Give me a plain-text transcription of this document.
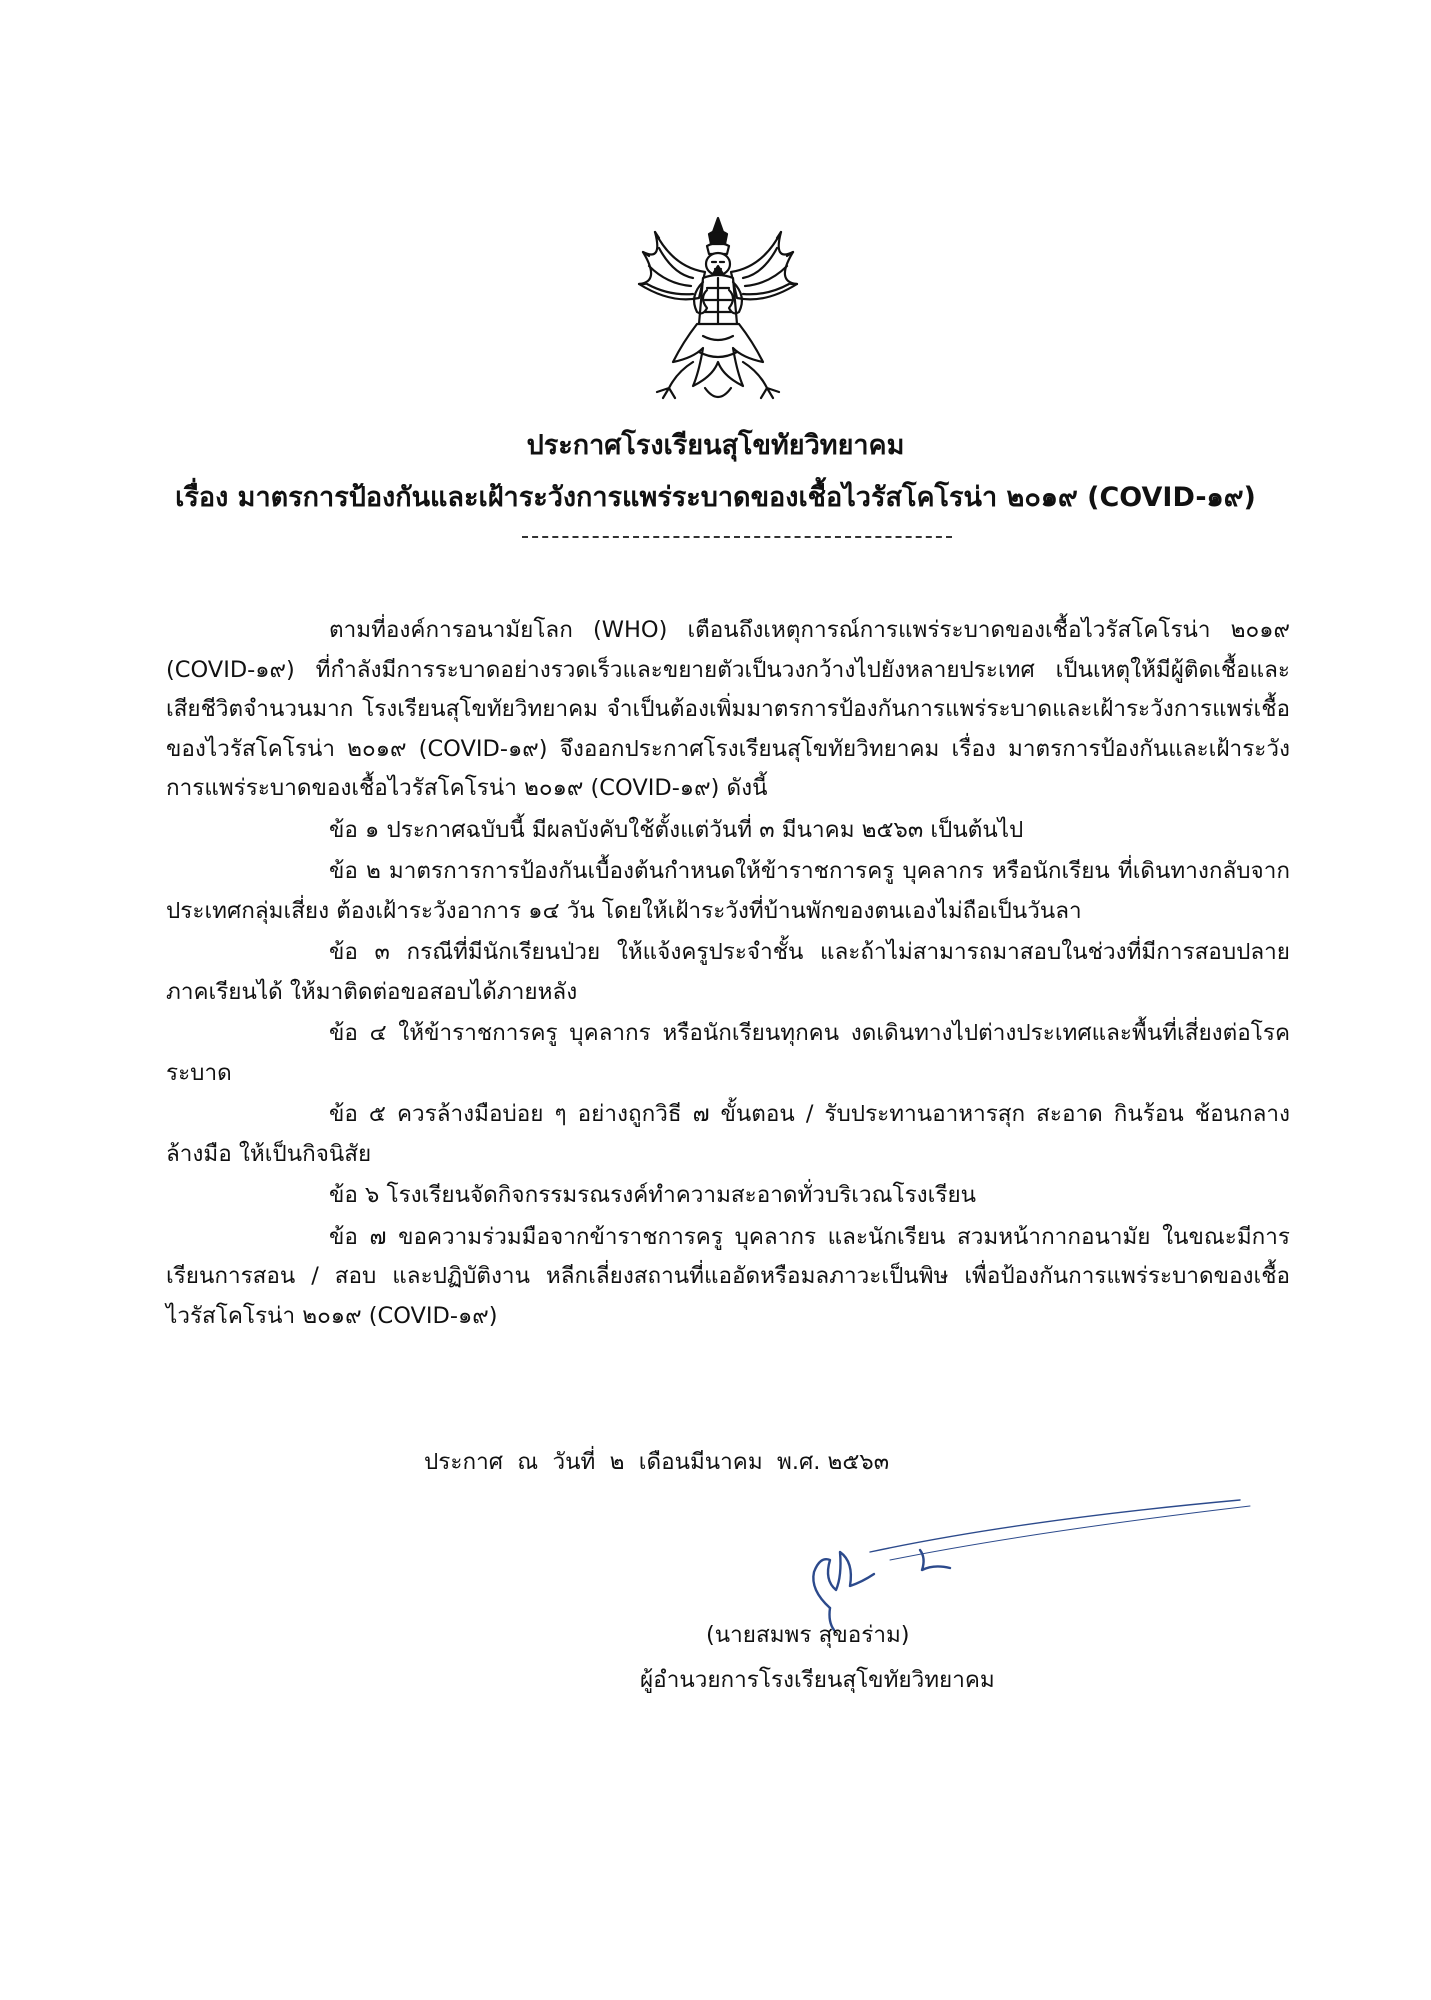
ประกาศโรงเรียนสุโขทัยวิทยาคม
เรื่อง มาตรการป้องกันและเฝ้าระวังการแพร่ระบาดของเชื้อไวรัสโคโรน่า ๒๐๑๙ (COVID-๑๙)

ตามที่องค์การอนามัยโลก (WHO) เตือนถึงเหตุการณ์การแพร่ระบาดของเชื้อไวรัสโคโรน่า ๒๐๑๙ (COVID-๑๙) ที่กำลังมีการระบาดอย่างรวดเร็วและขยายตัวเป็นวงกว้างไปยังหลายประเทศ เป็นเหตุให้มีผู้ติดเชื้อและเสียชีวิตจำนวนมาก โรงเรียนสุโขทัยวิทยาคม จำเป็นต้องเพิ่มมาตรการป้องกันการแพร่ระบาดและเฝ้าระวังการแพร่เชื้อของไวรัสโคโรน่า ๒๐๑๙ (COVID-๑๙) จึงออกประกาศโรงเรียนสุโขทัยวิทยาคม เรื่อง มาตรการป้องกันและเฝ้าระวังการแพร่ระบาดของเชื้อไวรัสโคโรน่า ๒๐๑๙ (COVID-๑๙) ดังนี้

ข้อ ๑ ประกาศฉบับนี้ มีผลบังคับใช้ตั้งแต่วันที่ ๓ มีนาคม ๒๕๖๓ เป็นต้นไป

ข้อ ๒ มาตรการการป้องกันเบื้องต้นกำหนดให้ข้าราชการครู บุคลากร หรือนักเรียน ที่เดินทางกลับจากประเทศกลุ่มเสี่ยง ต้องเฝ้าระวังอาการ ๑๔ วัน โดยให้เฝ้าระวังที่บ้านพักของตนเองไม่ถือเป็นวันลา

ข้อ ๓ กรณีที่มีนักเรียนป่วย ให้แจ้งครูประจำชั้น และถ้าไม่สามารถมาสอบในช่วงที่มีการสอบปลายภาคเรียนได้ ให้มาติดต่อขอสอบได้ภายหลัง

ข้อ ๔ ให้ข้าราชการครู บุคลากร หรือนักเรียนทุกคน งดเดินทางไปต่างประเทศและพื้นที่เสี่ยงต่อโรคระบาด

ข้อ ๕ ควรล้างมือบ่อย ๆ อย่างถูกวิธี ๗ ขั้นตอน / รับประทานอาหารสุก สะอาด กินร้อน ช้อนกลาง ล้างมือ ให้เป็นกิจนิสัย

ข้อ ๖ โรงเรียนจัดกิจกรรมรณรงค์ทำความสะอาดทั่วบริเวณโรงเรียน

ข้อ ๗ ขอความร่วมมือจากข้าราชการครู บุคลากร และนักเรียน สวมหน้ากากอนามัย ในขณะมีการเรียนการสอน / สอบ และปฏิบัติงาน หลีกเลี่ยงสถานที่แออัดหรือมลภาวะเป็นพิษ เพื่อป้องกันการแพร่ระบาดของเชื้อไวรัสโคโรน่า ๒๐๑๙ (COVID-๑๙)

ประกาศ  ณ  วันที่  ๒  เดือนมีนาคม  พ.ศ. ๒๕๖๓
(นายสมพร สุขอร่าม)
ผู้อำนวยการโรงเรียนสุโขทัยวิทยาคม
